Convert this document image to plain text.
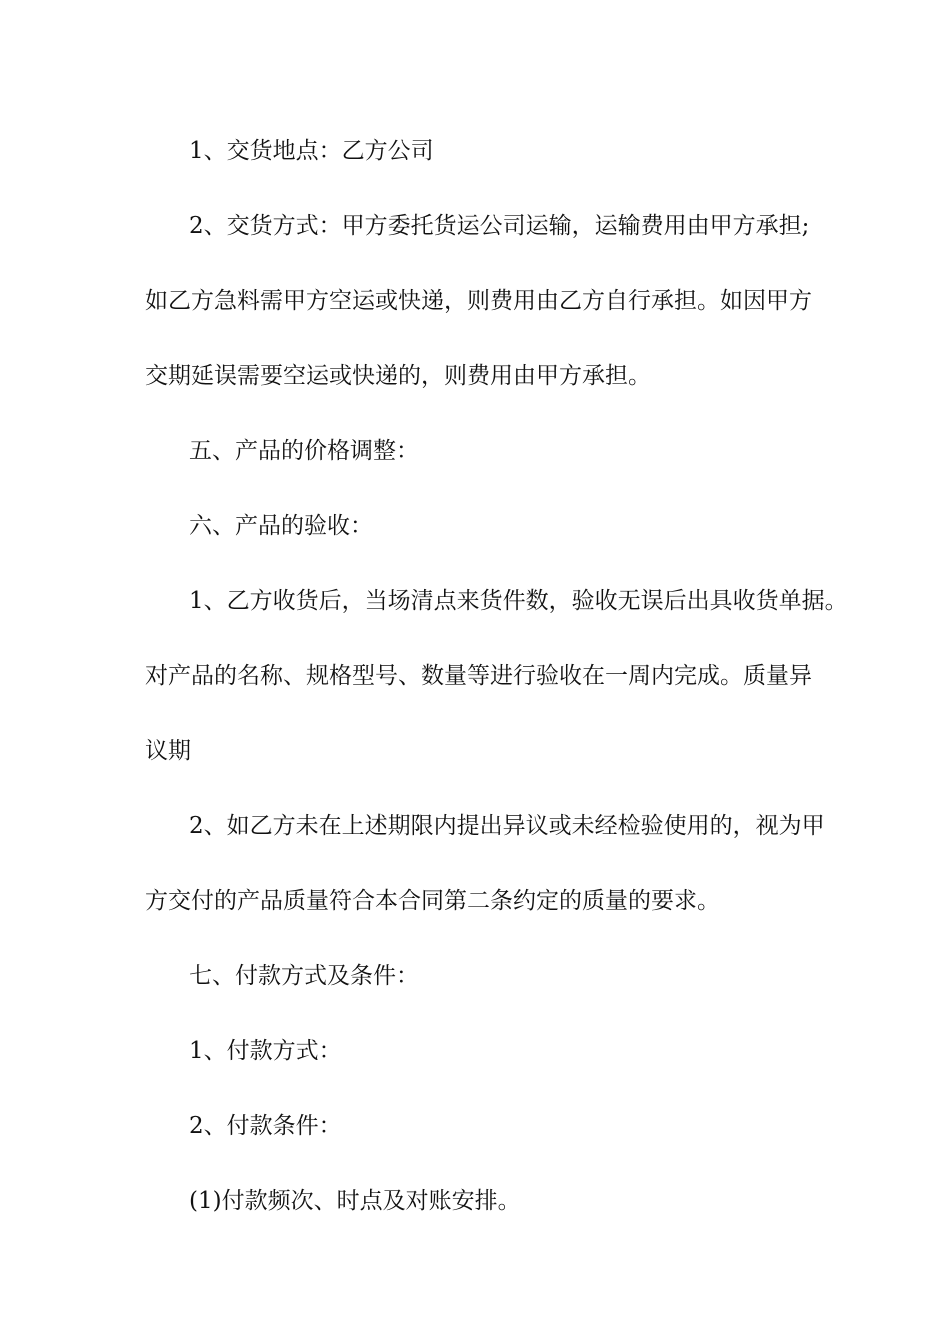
1、交货地点：乙方公司

2、交货方式：甲方委托货运公司运输，运输费用由甲方承担;

如乙方急料需甲方空运或快递，则费用由乙方自行承担。如因甲方

交期延误需要空运或快递的，则费用由甲方承担。

五、产品的价格调整：

六、产品的验收：

1、乙方收货后，当场清点来货件数，验收无误后出具收货单据。

对产品的名称、规格型号、数量等进行验收在一周内完成。质量异

议期

2、如乙方未在上述期限内提出异议或未经检验使用的，视为甲

方交付的产品质量符合本合同第二条约定的质量的要求。

七、付款方式及条件：

1、付款方式：

2、付款条件：

(1)付款频次、时点及对账安排。
